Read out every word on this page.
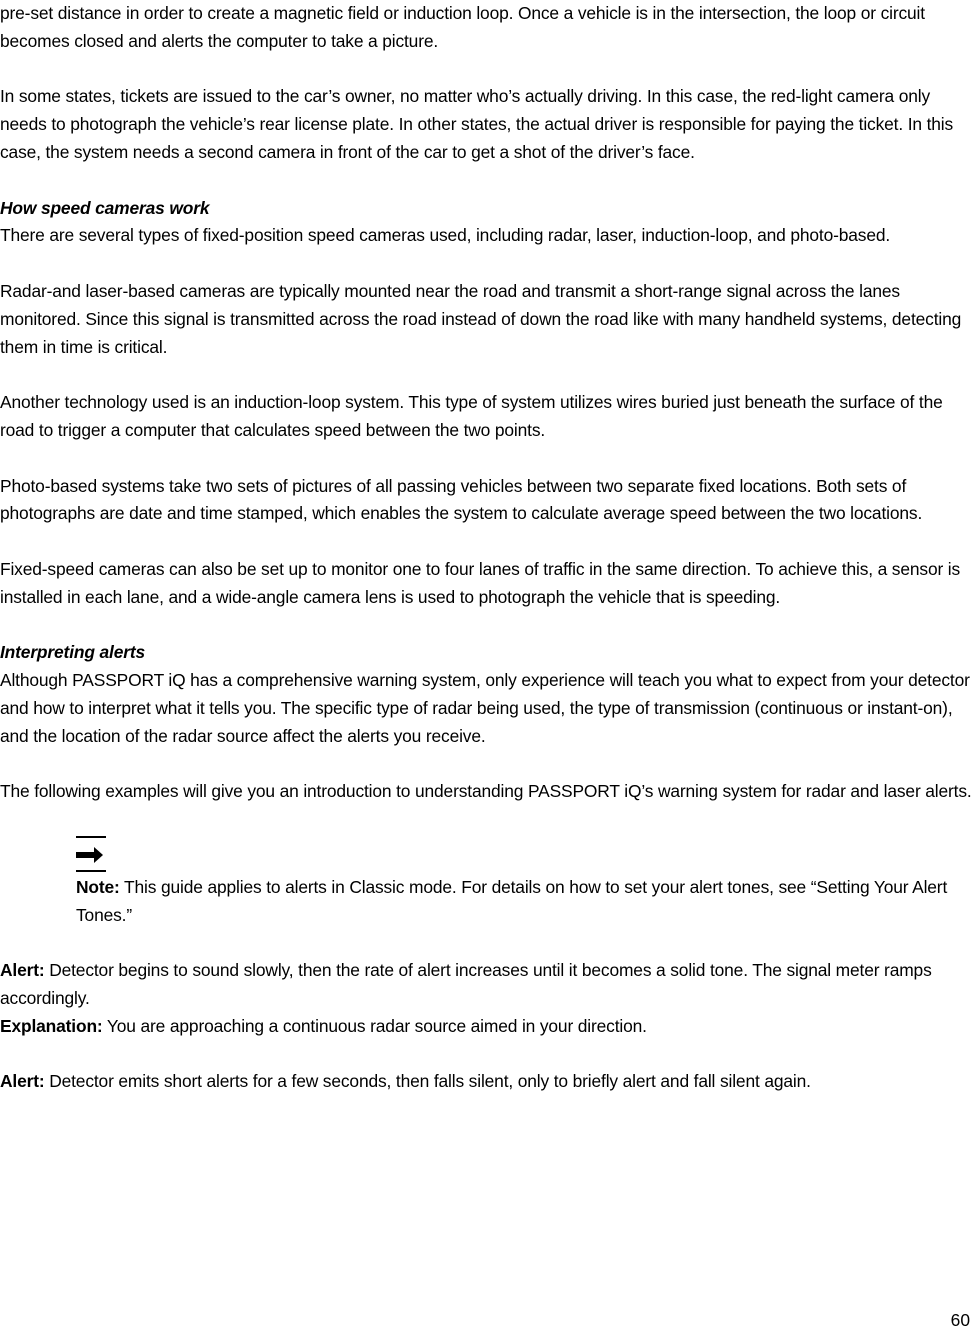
pre-set distance in order to create a magnetic field or induction loop. Once a vehicle is in the intersection, the loop or circuit becomes closed and alerts the computer to take a picture.

In some states, tickets are issued to the car’s owner, no matter who’s actually driving. In this case, the red-light camera only needs to photograph the vehicle’s rear license plate. In other states, the actual driver is responsible for paying the ticket. In this case, the system needs a second camera in front of the car to get a shot of the driver’s face.

How speed cameras work
There are several types of fixed-position speed cameras used, including radar, laser, induction-loop, and photo-based.

Radar-and laser-based cameras are typically mounted near the road and transmit a short-range signal across the lanes monitored. Since this signal is transmitted across the road instead of down the road like with many handheld systems, detecting them in time is critical.

Another technology used is an induction-loop system. This type of system utilizes wires buried just beneath the surface of the road to trigger a computer that calculates speed between the two points.

Photo-based systems take two sets of pictures of all passing vehicles between two separate fixed locations. Both sets of photographs are date and time stamped, which enables the system to calculate average speed between the two locations.

Fixed-speed cameras can also be set up to monitor one to four lanes of traffic in the same direction. To achieve this, a sensor is installed in each lane, and a wide-angle camera lens is used to photograph the vehicle that is speeding.

Interpreting alerts
Although PASSPORT iQ has a comprehensive warning system, only experience will teach you what to expect from your detector and how to interpret what it tells you. The specific type of radar being used, the type of transmission (continuous or instant-on), and the location of the radar source affect the alerts you receive.

The following examples will give you an introduction to understanding PASSPORT iQ’s warning system for radar and laser alerts.

Note: This guide applies to alerts in Classic mode. For details on how to set your alert tones, see “Setting Your Alert Tones.”

Alert: Detector begins to sound slowly, then the rate of alert increases until it becomes a solid tone. The signal meter ramps accordingly.
Explanation: You are approaching a continuous radar source aimed in your direction.

Alert: Detector emits short alerts for a few seconds, then falls silent, only to briefly alert and fall silent again.

60
